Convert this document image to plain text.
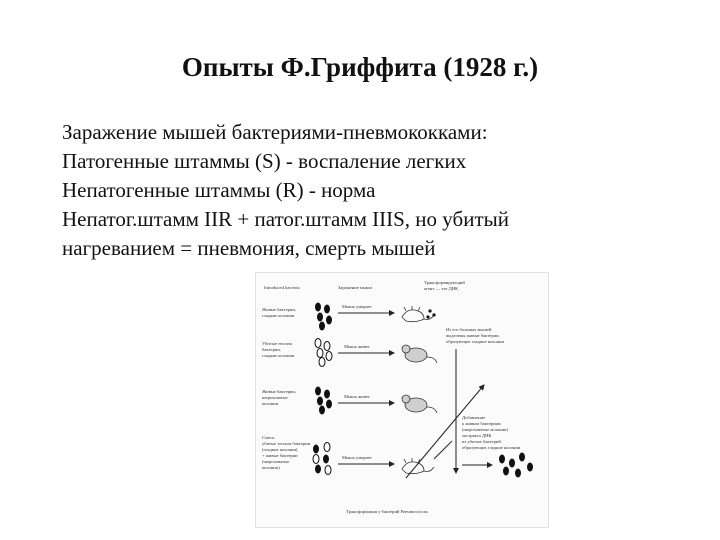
Опыты Ф.Гриффита (1928 г.)
Заражение мышей бактериями-пневмококками:
Патогенные штаммы (S) - воспаление легких
Непатогенные штаммы (R) - норма
Непатог.штамм IIR + патог.штамм IIIS, но убитый
нагреванием = пневмония, смерть мышей
Introduced bacteria	Заражение мыши
Трансформирующий
агент — это ДНК
Живые бактерии,
гладкие колонии
Убитые теплом
бактерии,
гладкие колонии
Живые бактерии,
шероховатые
колонии
Смесь:
убитые теплом бактерии
(гладкие колонии)
+ живые бактерии
(шероховатые
колонии)
Мышь умирает
Мышь живет
Из его больных мышей
выделены живые бактерии,
образующие гладкие колонии
Мышь живет
Мышь умирает
Добавление
к живым бактериям
(шероховатые колонии)
экстракта ДНК
из убитых бактерий
образующих гладкие колонии
Трансформация у бактерий Pneumococcus
